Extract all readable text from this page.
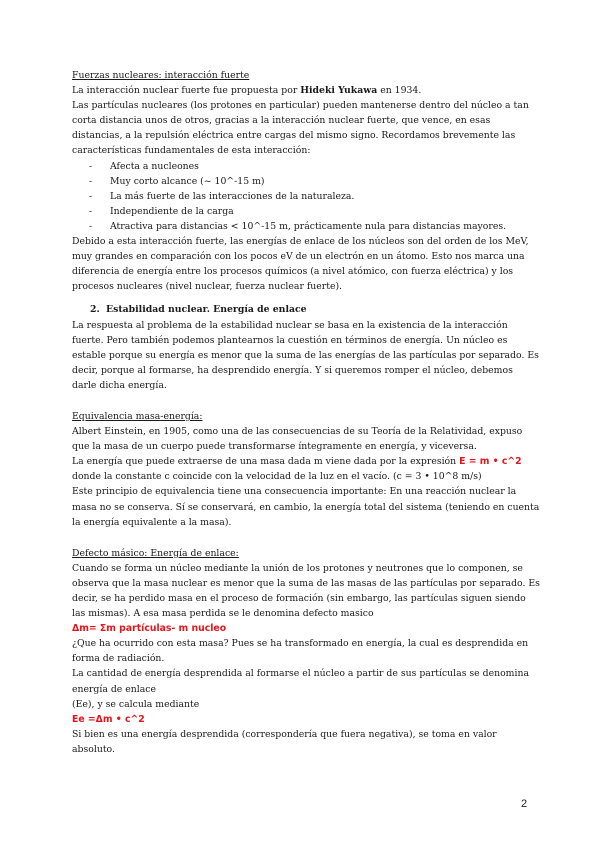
Fuerzas nucleares: interacción fuerte

La interacción nuclear fuerte fue propuesta por Hideki Yukawa en 1934.

Las partículas nucleares (los protones en particular) pueden mantenerse dentro del núcleo a tan corta distancia unos de otros, gracias a la interacción nuclear fuerte, que vence, en esas distancias, a la repulsión eléctrica entre cargas del mismo signo. Recordamos brevemente las características fundamentales de esta interacción:

- Afecta a nucleones
- Muy corto alcance (~ 10^-15 m)
- La más fuerte de las interacciones de la naturaleza.
- Independiente de la carga
- Atractiva para distancias < 10^-15 m, prácticamente nula para distancias mayores.

Debido a esta interacción fuerte, las energías de enlace de los núcleos son del orden de los MeV, muy grandes en comparación con los pocos eV de un electrón en un átomo. Esto nos marca una diferencia de energía entre los procesos químicos (a nivel atómico, con fuerza eléctrica) y los procesos nucleares (nivel nuclear, fuerza nuclear fuerte).

2. Estabilidad nuclear. Energía de enlace

La respuesta al problema de la estabilidad nuclear se basa en la existencia de la interacción fuerte. Pero también podemos plantearnos la cuestión en términos de energía. Un núcleo es estable porque su energía es menor que la suma de las energías de las partículas por separado. Es decir, porque al formarse, ha desprendido energía. Y si queremos romper el núcleo, debemos darle dicha energía.

Equivalencia masa-energía:

Albert Einstein, en 1905, como una de las consecuencias de su Teoría de la Relatividad, expuso que la masa de un cuerpo puede transformarse íntegramente en energía, y viceversa.

La energía que puede extraerse de una masa dada m viene dada por la expresión E = m • c^2

donde la constante c coincide con la velocidad de la luz en el vacío. (c = 3 • 10^8 m/s)

Este principio de equivalencia tiene una consecuencia importante: En una reacción nuclear la masa no se conserva. Sí se conservará, en cambio, la energía total del sistema (teniendo en cuenta la energía equivalente a la masa).

Defecto másico: Energía de enlace:

Cuando se forma un núcleo mediante la unión de los protones y neutrones que lo componen, se observa que la masa nuclear es menor que la suma de las masas de las partículas por separado. Es decir, se ha perdido masa en el proceso de formación (sin embargo, las partículas siguen siendo las mismas). A esa masa perdida se le denomina defecto masico

Δm= Σm partículas- m nucleo

¿Que ha ocurrido con esta masa? Pues se ha transformado en energía, la cual es desprendida en forma de radiación.

La cantidad de energía desprendida al formarse el núcleo a partir de sus partículas se denomina energía de enlace

(Ee), y se calcula mediante

Ee =Δm • c^2

Si bien es una energía desprendida (correspondería que fuera negativa), se toma en valor absoluto.

2
